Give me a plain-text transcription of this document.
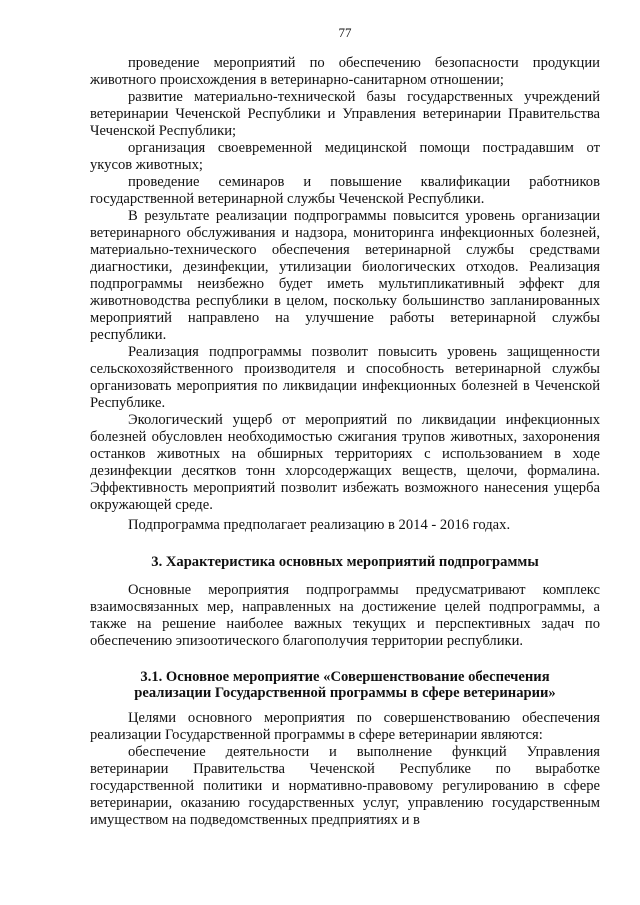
77

проведение мероприятий по обеспечению безопасности продукции животного происхождения в ветеринарно-санитарном отношении;

развитие материально-технической базы государственных учреждений ветеринарии Чеченской Республики и Управления ветеринарии Правительства Чеченской Республики;

организация своевременной медицинской помощи пострадавшим от укусов животных;

проведение семинаров и повышение квалификации работников государственной ветеринарной службы Чеченской Республики.

В результате реализации подпрограммы повысится уровень организации ветеринарного обслуживания и надзора, мониторинга инфекционных болезней, материально-технического обеспечения ветеринарной службы средствами диагностики, дезинфекции, утилизации биологических отходов. Реализация подпрограммы неизбежно будет иметь мультипликативный эффект для животноводства республики в целом, поскольку большинство запланированных мероприятий направлено на улучшение работы ветеринарной службы республики.

Реализация подпрограммы позволит повысить уровень защищенности сельскохозяйственного производителя и способность ветеринарной службы организовать мероприятия по ликвидации инфекционных болезней в Чеченской Республике.

Экологический ущерб от мероприятий по ликвидации инфекционных болезней обусловлен необходимостью сжигания трупов животных, захоронения останков животных на обширных территориях с использованием в ходе дезинфекции десятков тонн хлорсодержащих веществ, щелочи, формалина. Эффективность мероприятий позволит избежать возможного нанесения ущерба окружающей среде.

Подпрограмма предполагает реализацию в 2014 - 2016 годах.

3. Характеристика основных мероприятий подпрограммы

Основные мероприятия подпрограммы предусматривают комплекс взаимосвязанных мер, направленных на достижение целей подпрограммы, а также на решение наиболее важных текущих и перспективных задач по обеспечению эпизоотического благополучия территории республики.

3.1. Основное мероприятие «Совершенствование обеспечения
реализации Государственной программы в сфере ветеринарии»

Целями основного мероприятия по совершенствованию обеспечения реализации Государственной программы в сфере ветеринарии являются:

обеспечение деятельности и выполнение функций Управления ветеринарии Правительства Чеченской Республике по выработке государственной политики и нормативно-правовому регулированию в сфере ветеринарии, оказанию государственных услуг, управлению государственным имуществом на подведомственных предприятиях и в
